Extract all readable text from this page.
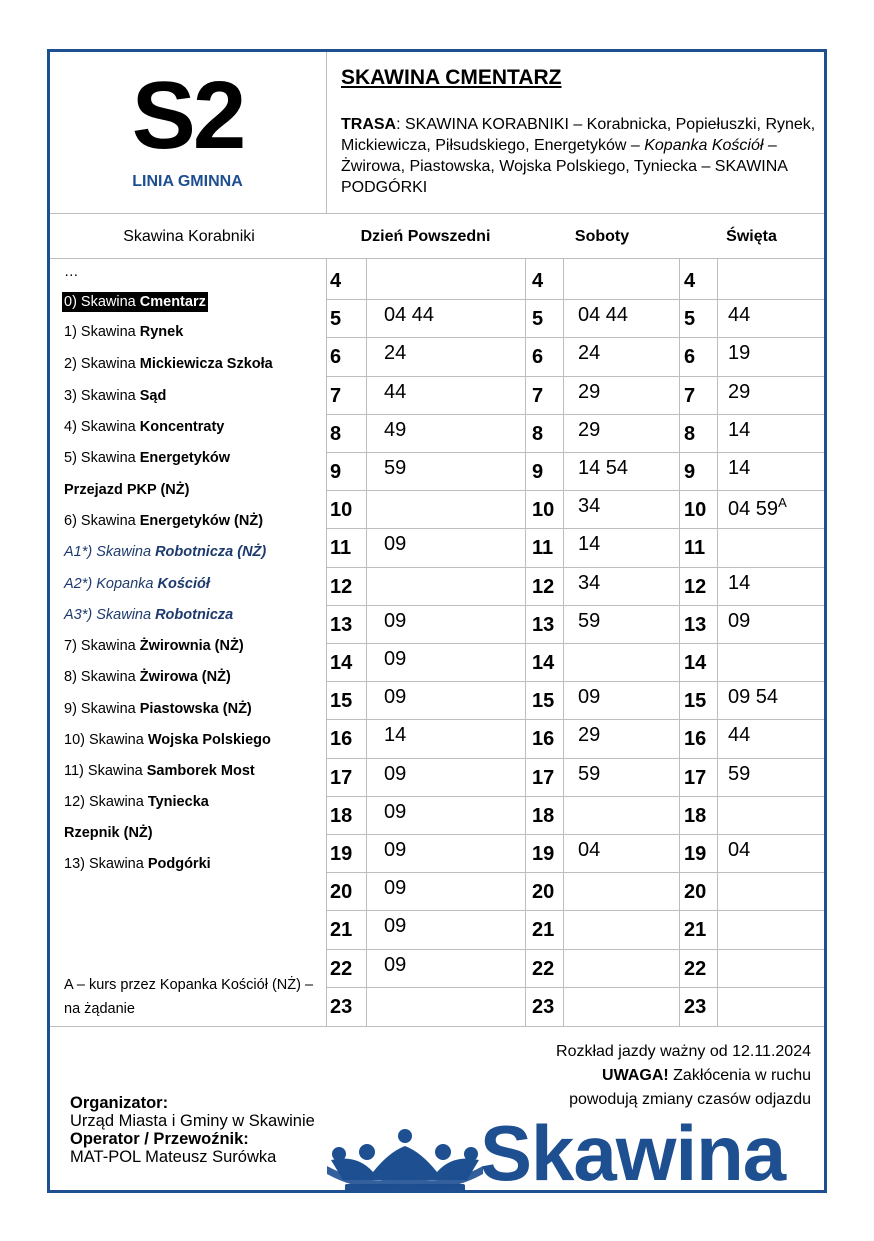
S2
LINIA GMINNA
SKAWINA CMENTARZ
TRASA: SKAWINA KORABNIKI – Korabnicka, Popiełuszki, Rynek, Mickiewicza, Piłsudskiego, Energetyków – Kopanka Kościół – Żwirowa, Piastowska, Wojska Polskiego, Tyniecka – SKAWINA PODGÓRKI
Skawina Korabniki	Dzień Powszedni	Soboty	Święta
4	4	4
5 04 44	5 04 44	5 44
6 24	6 24	6 19
7 44	7 29	7 29
8 49	8 29	8 14
9 59	9 14 54	9 14
10	10 34	10 04 $59^A$
11 09	11 14	11
12	12 34	12 14
13 09	13 59	13 09
14 09	14	14
15 09	15 09	15 09 54
16 14	16 29	16 44
17 09	17 59	17 59
18 09	18	18
19 09	19 04	19 04
20 09	20	20
21 09	21	21
22 09	22	22
23	23	23
…
0) Skawina Cmentarz
1) Skawina Rynek
2) Skawina Mickiewicza Szkoła
3) Skawina Sąd
4) Skawina Koncentraty
5) Skawina Energetyków
Przejazd PKP (NŻ)
6) Skawina Energetyków (NŻ)
A1*) Skawina Robotnicza (NŻ)
A2*) Kopanka Kościół
A3*) Skawina Robotnicza
7) Skawina Żwirownia (NŻ)
8) Skawina Żwirowa (NŻ)
9) Skawina Piastowska (NŻ)
10) Skawina Wojska Polskiego
11) Skawina Samborek Most
12) Skawina Tyniecka
Rzepnik (NŻ)
13) Skawina Podgórki
A – kurs przez Kopanka Kościół (NŻ) – na żądanie
Rozkład jazdy ważny od 12.11.2024
UWAGA! Zakłócenia w ruchu
powodują zmiany czasów odjazdu
Organizator:
Urząd Miasta i Gminy w Skawinie
Operator / Przewoźnik:
MAT-POL Mateusz Surówka	Skawina
